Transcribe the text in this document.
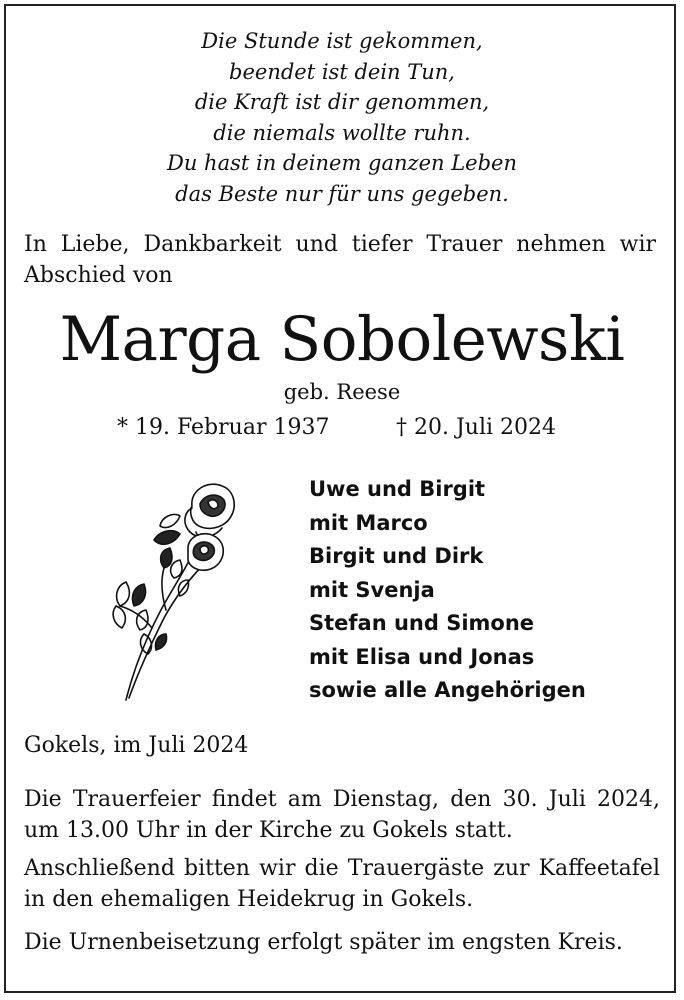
Die Stunde ist gekommen,
beendet ist dein Tun,
die Kraft ist dir genommen,
die niemals wollte ruhn.
Du hast in deinem ganzen Leben
das Beste nur für uns gegeben.
In Liebe, Dankbarkeit und tiefer Trauer nehmen wir Abschied von
Marga Sobolewski
geb. Reese
* 19. Februar 1937	† 20. Juli 2024
Uwe und Birgit
mit Marco
Birgit und Dirk
mit Svenja
Stefan und Simone
mit Elisa und Jonas
sowie alle Angehörigen
Gokels, im Juli 2024
Die Trauerfeier findet am Dienstag, den 30. Juli 2024, um 13.00 Uhr in der Kirche zu Gokels statt.
Anschließend bitten wir die Trauergäste zur Kaffeetafel in den ehemaligen Heidekrug in Gokels.
Die Urnenbeisetzung erfolgt später im engsten Kreis.
